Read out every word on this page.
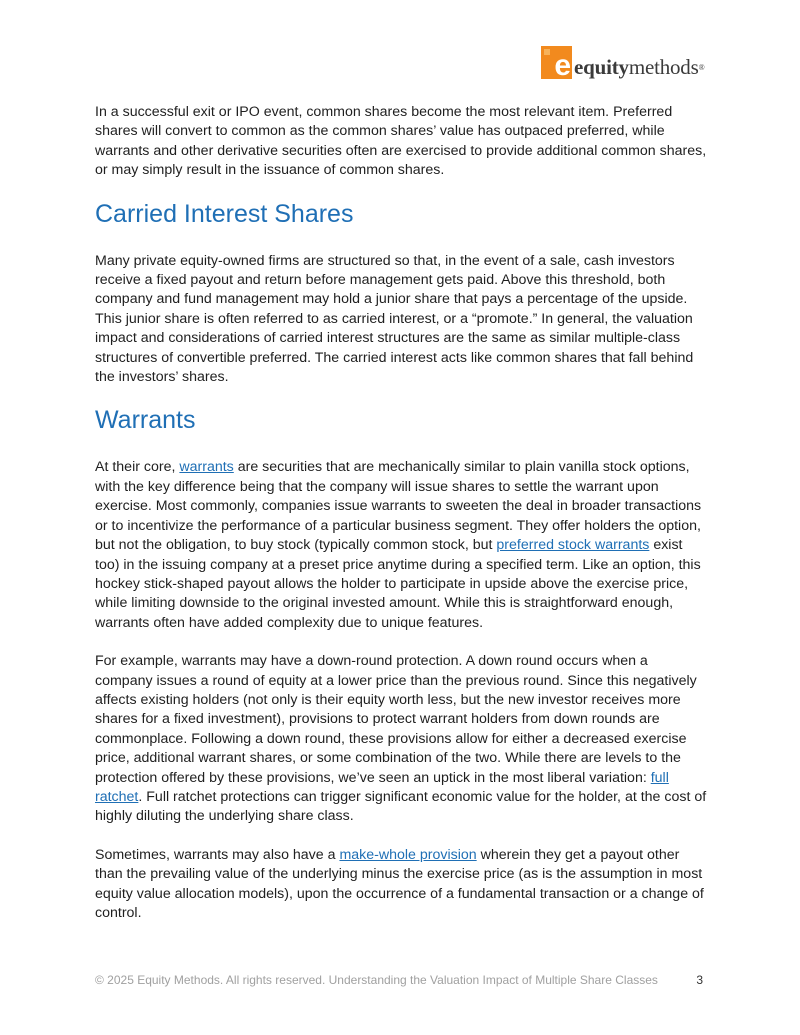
e equitymethods®

In a successful exit or IPO event, common shares become the most relevant item. Preferred shares will convert to common as the common shares’ value has outpaced preferred, while warrants and other derivative securities often are exercised to provide additional common shares, or may simply result in the issuance of common shares.

Carried Interest Shares

Many private equity-owned firms are structured so that, in the event of a sale, cash investors receive a fixed payout and return before management gets paid. Above this threshold, both company and fund management may hold a junior share that pays a percentage of the upside. This junior share is often referred to as carried interest, or a “promote.” In general, the valuation impact and considerations of carried interest structures are the same as similar multiple-class structures of convertible preferred. The carried interest acts like common shares that fall behind the investors’ shares.

Warrants

At their core, warrants are securities that are mechanically similar to plain vanilla stock options, with the key difference being that the company will issue shares to settle the warrant upon exercise. Most commonly, companies issue warrants to sweeten the deal in broader transactions or to incentivize the performance of a particular business segment. They offer holders the option, but not the obligation, to buy stock (typically common stock, but preferred stock warrants exist too) in the issuing company at a preset price anytime during a specified term. Like an option, this hockey stick-shaped payout allows the holder to participate in upside above the exercise price, while limiting downside to the original invested amount. While this is straightforward enough, warrants often have added complexity due to unique features.

For example, warrants may have a down-round protection. A down round occurs when a company issues a round of equity at a lower price than the previous round. Since this negatively affects existing holders (not only is their equity worth less, but the new investor receives more shares for a fixed investment), provisions to protect warrant holders from down rounds are commonplace. Following a down round, these provisions allow for either a decreased exercise price, additional warrant shares, or some combination of the two. While there are levels to the protection offered by these provisions, we’ve seen an uptick in the most liberal variation: full ratchet. Full ratchet protections can trigger significant economic value for the holder, at the cost of highly diluting the underlying share class.

Sometimes, warrants may also have a make-whole provision wherein they get a payout other than the prevailing value of the underlying minus the exercise price (as is the assumption in most equity value allocation models), upon the occurrence of a fundamental transaction or a change of control.

© 2025 Equity Methods. All rights reserved. Understanding the Valuation Impact of Multiple Share Classes	3
